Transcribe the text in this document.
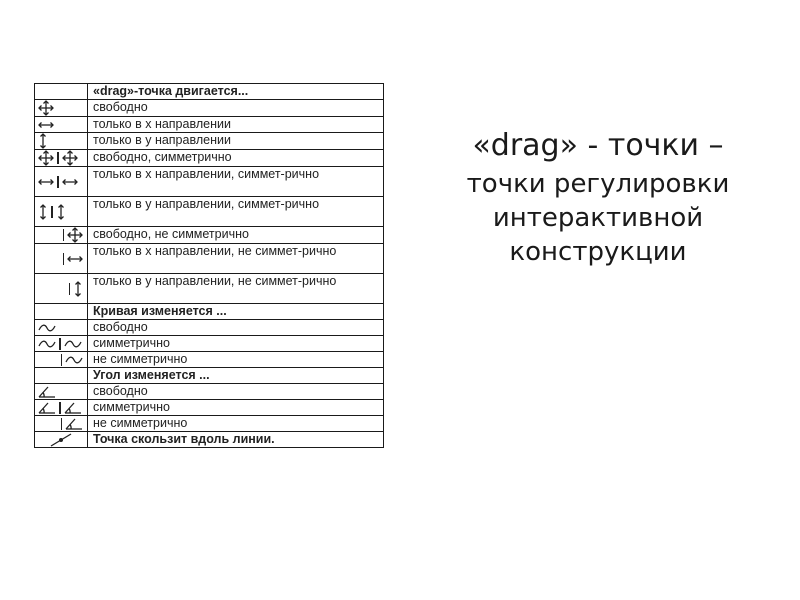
	«drag»-точка двигается...

	свободно

	только в x направлении

	только в y направлении

	свободно, симметрично

	только в x направлении, симмет-рично

	только в y направлении, симмет-рично

	свободно, не симметрично

	только в x направлении, не симмет-рично

	только в y направлении, не симмет-рично
	Кривая изменяется ...

	свободно

	симметрично

	не симметрично
	Угол изменяется ...

	свободно

	симметрично

	не симметрично

	Точка скользит вдоль линии.
«drag» - точки –
точки регулировки интерактивной конструкции
